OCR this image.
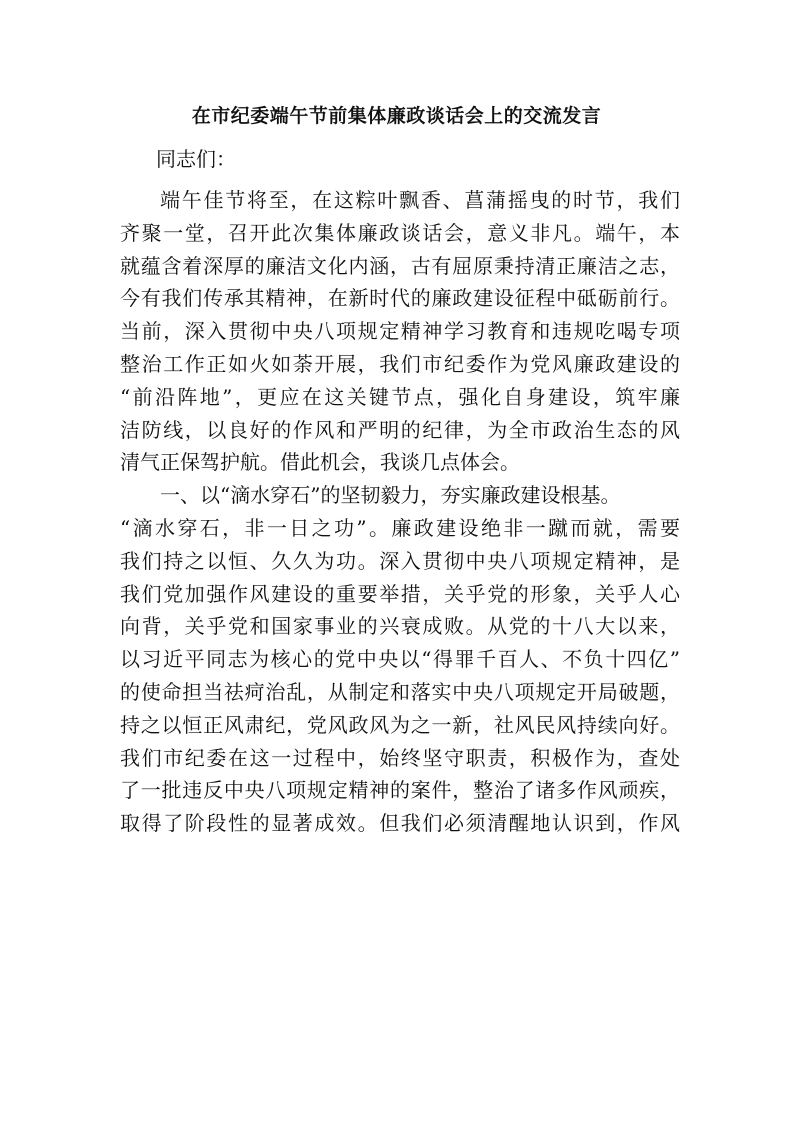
在市纪委端午节前集体廉政谈话会上的交流发言
同志们：
端午佳节将至，在这粽叶飘香、菖蒲摇曳的时节，我们
齐聚一堂，召开此次集体廉政谈话会，意义非凡。端午，本
就蕴含着深厚的廉洁文化内涵，古有屈原秉持清正廉洁之志，
今有我们传承其精神，在新时代的廉政建设征程中砥砺前行。
当前，深入贯彻中央八项规定精神学习教育和违规吃喝专项
整治工作正如火如荼开展，我们市纪委作为党风廉政建设的
“前沿阵地”，更应在这关键节点，强化自身建设，筑牢廉
洁防线，以良好的作风和严明的纪律，为全市政治生态的风
清气正保驾护航。借此机会，我谈几点体会。
一、以“滴水穿石”的坚韧毅力，夯实廉政建设根基。
“滴水穿石，非一日之功”。廉政建设绝非一蹴而就，需要
我们持之以恒、久久为功。深入贯彻中央八项规定精神，是
我们党加强作风建设的重要举措，关乎党的形象，关乎人心
向背，关乎党和国家事业的兴衰成败。从党的十八大以来，
以习近平同志为核心的党中央以“得罪千百人、不负十四亿”
的使命担当祛疴治乱，从制定和落实中央八项规定开局破题，
持之以恒正风肃纪，党风政风为之一新，社风民风持续向好。
我们市纪委在这一过程中，始终坚守职责，积极作为，查处
了一批违反中央八项规定精神的案件，整治了诸多作风顽疾，
取得了阶段性的显著成效。但我们必须清醒地认识到，作风
